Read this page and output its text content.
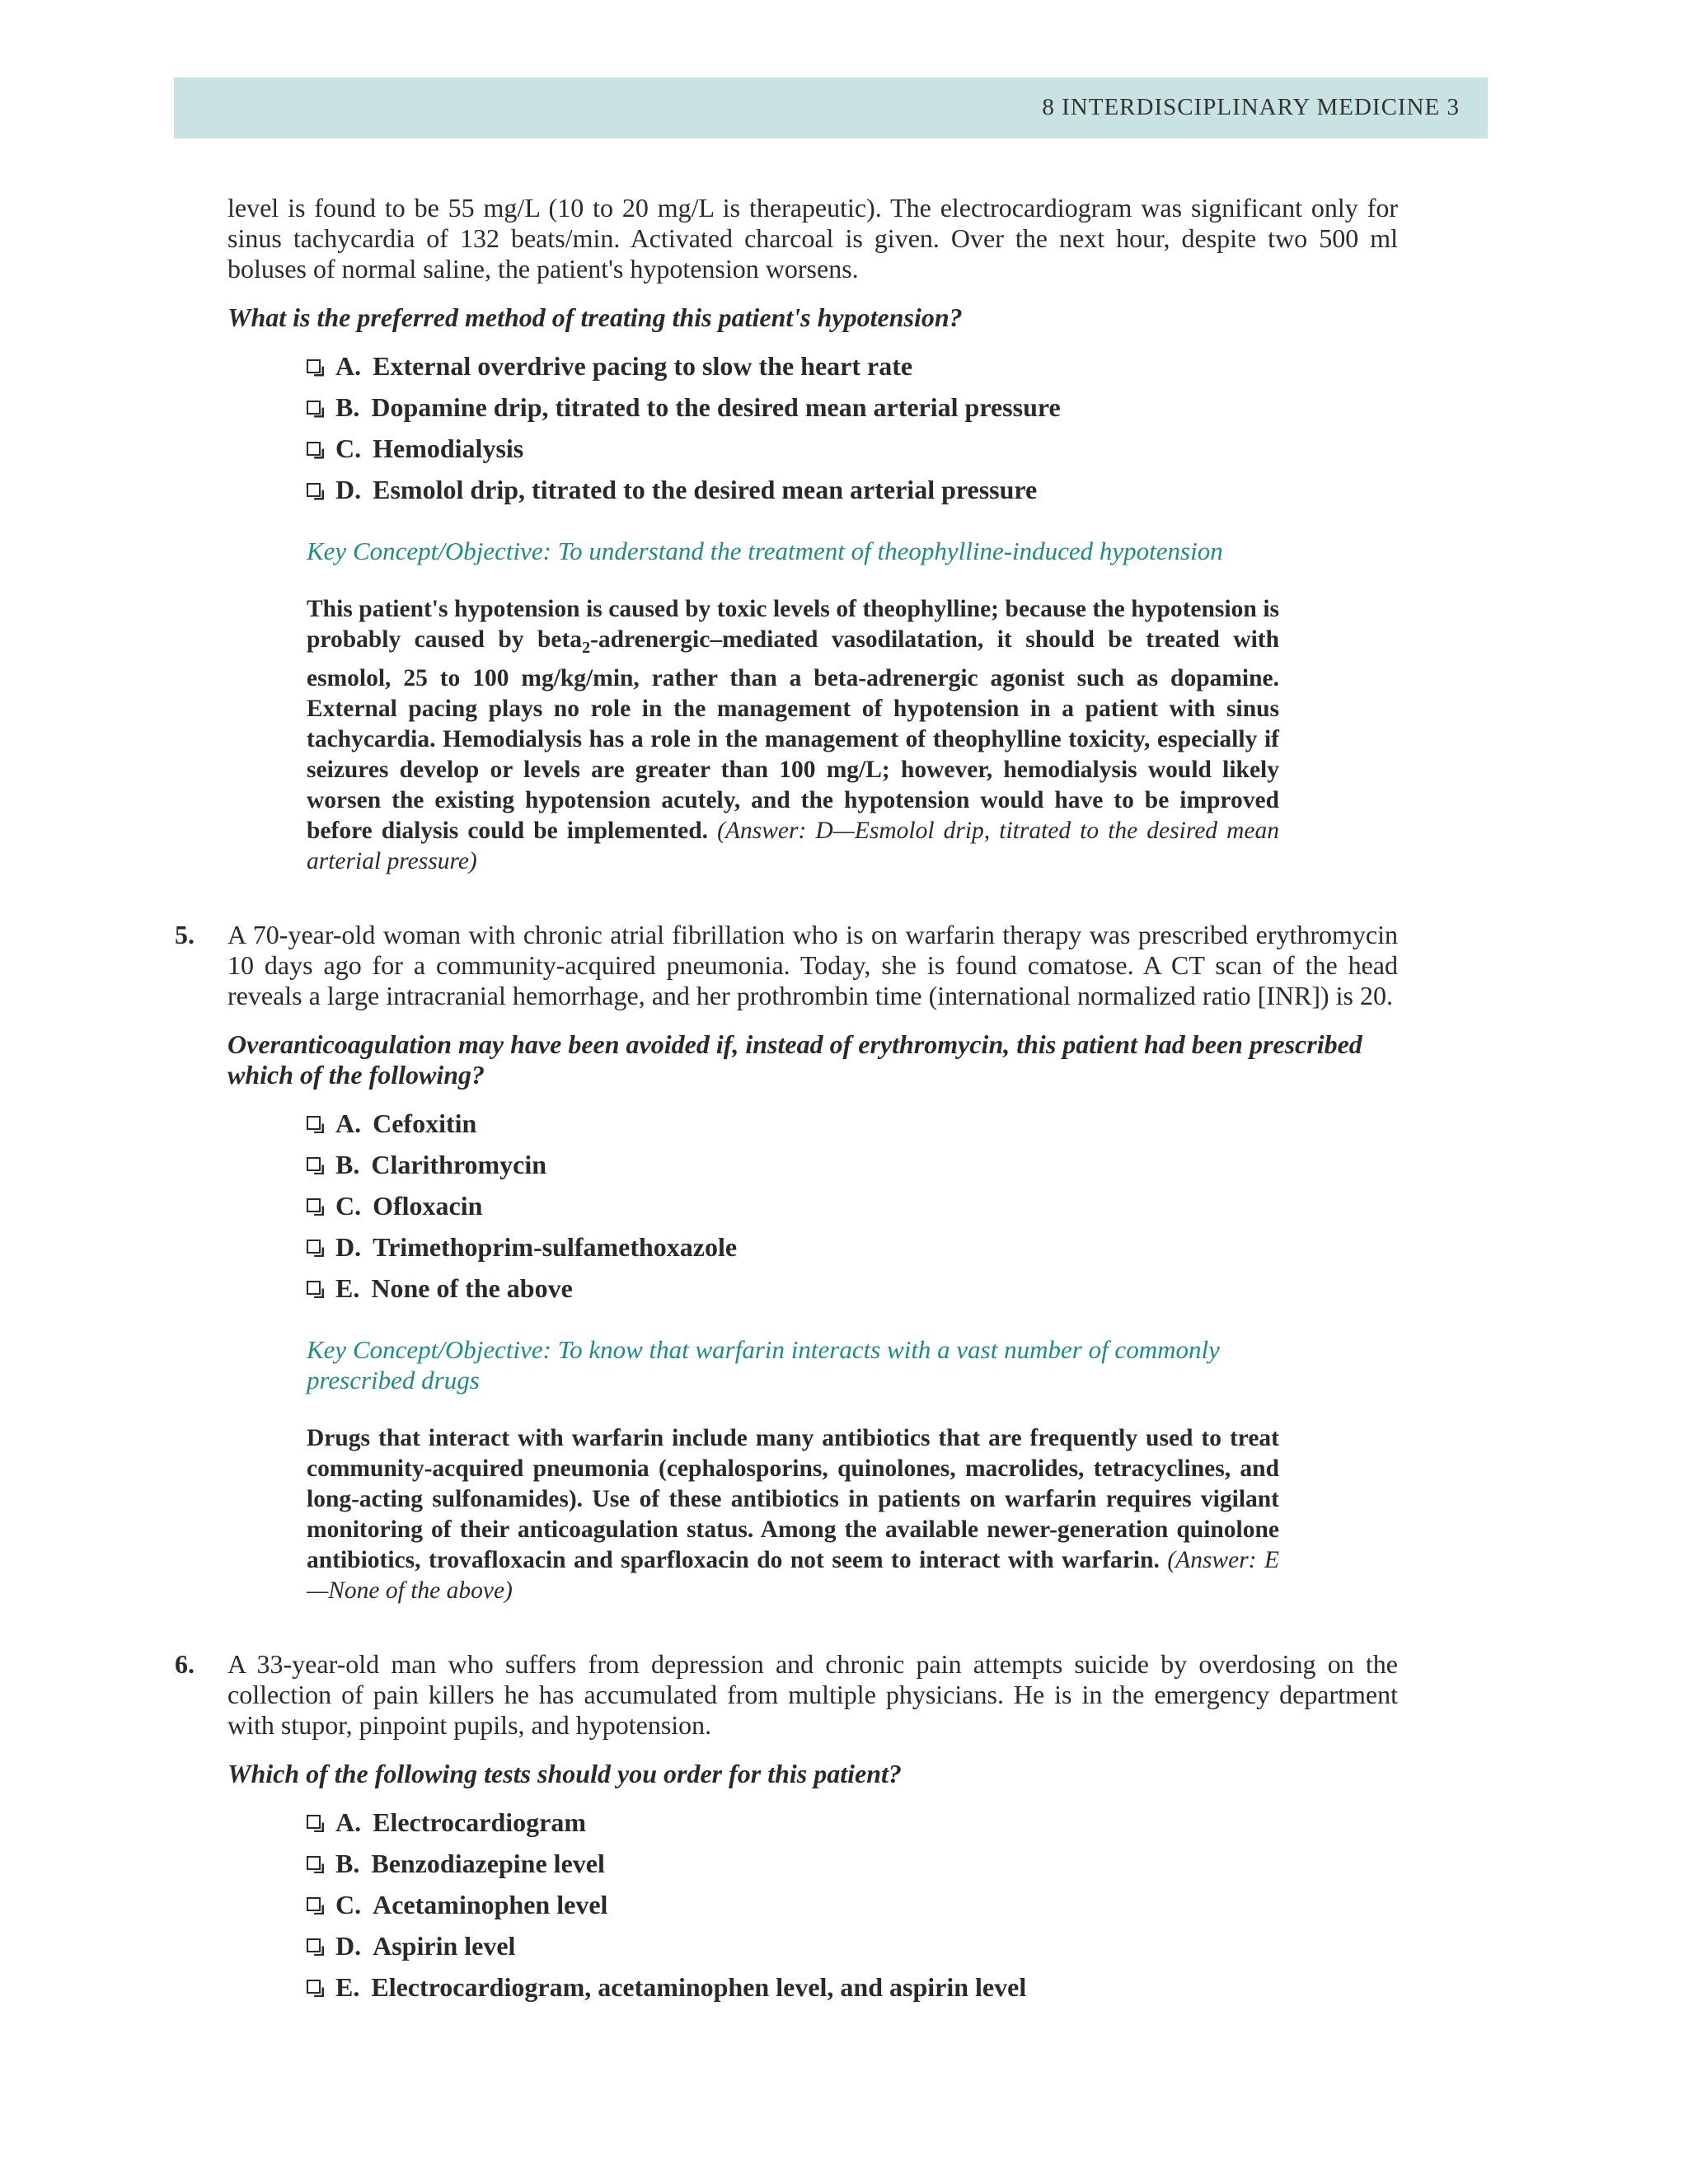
8 INTERDISCIPLINARY MEDICINE 3

level is found to be 55 mg/L (10 to 20 mg/L is therapeutic). The electrocardiogram was significant only for sinus tachycardia of 132 beats/min. Activated charcoal is given. Over the next hour, despite two 500 ml boluses of normal saline, the patient's hypotension worsens.

What is the preferred method of treating this patient's hypotension?
A. External overdrive pacing to slow the heart rate
B. Dopamine drip, titrated to the desired mean arterial pressure
C. Hemodialysis
D. Esmolol drip, titrated to the desired mean arterial pressure
Key Concept/Objective: To understand the treatment of theophylline-induced hypotension
This patient's hypotension is caused by toxic levels of theophylline; because the hypotension is probably caused by beta$_2$-adrenergic–mediated vasodilatation, it should be treated with esmolol, 25 to 100 mg/kg/min, rather than a beta-adrenergic agonist such as dopamine. External pacing plays no role in the management of hypotension in a patient with sinus tachycardia. Hemodialysis has a role in the management of theophylline toxicity, especially if seizures develop or levels are greater than 100 mg/L; however, hemodialysis would likely worsen the existing hypotension acutely, and the hypotension would have to be improved before dialysis could be implemented. (Answer: D—Esmolol drip, titrated to the desired mean arterial pressure)
5. A 70-year-old woman with chronic atrial fibrillation who is on warfarin therapy was prescribed erythromycin 10 days ago for a community-acquired pneumonia. Today, she is found comatose. A CT scan of the head reveals a large intracranial hemorrhage, and her prothrombin time (international normalized ratio [INR]) is 20.

Overanticoagulation may have been avoided if, instead of erythromycin, this patient had been prescribed which of the following?
A. Cefoxitin
B. Clarithromycin
C. Ofloxacin
D. Trimethoprim-sulfamethoxazole
E. None of the above
Key Concept/Objective: To know that warfarin interacts with a vast number of commonly prescribed drugs
Drugs that interact with warfarin include many antibiotics that are frequently used to treat community-acquired pneumonia (cephalosporins, quinolones, macrolides, tetracyclines, and long-acting sulfonamides). Use of these antibiotics in patients on warfarin requires vigilant monitoring of their anticoagulation status. Among the available newer-generation quinolone antibiotics, trovafloxacin and sparfloxacin do not seem to interact with warfarin. (Answer: E—None of the above)
6. A 33-year-old man who suffers from depression and chronic pain attempts suicide by overdosing on the collection of pain killers he has accumulated from multiple physicians. He is in the emergency department with stupor, pinpoint pupils, and hypotension.

Which of the following tests should you order for this patient?
A. Electrocardiogram
B. Benzodiazepine level
C. Acetaminophen level
D. Aspirin level
E. Electrocardiogram, acetaminophen level, and aspirin level
